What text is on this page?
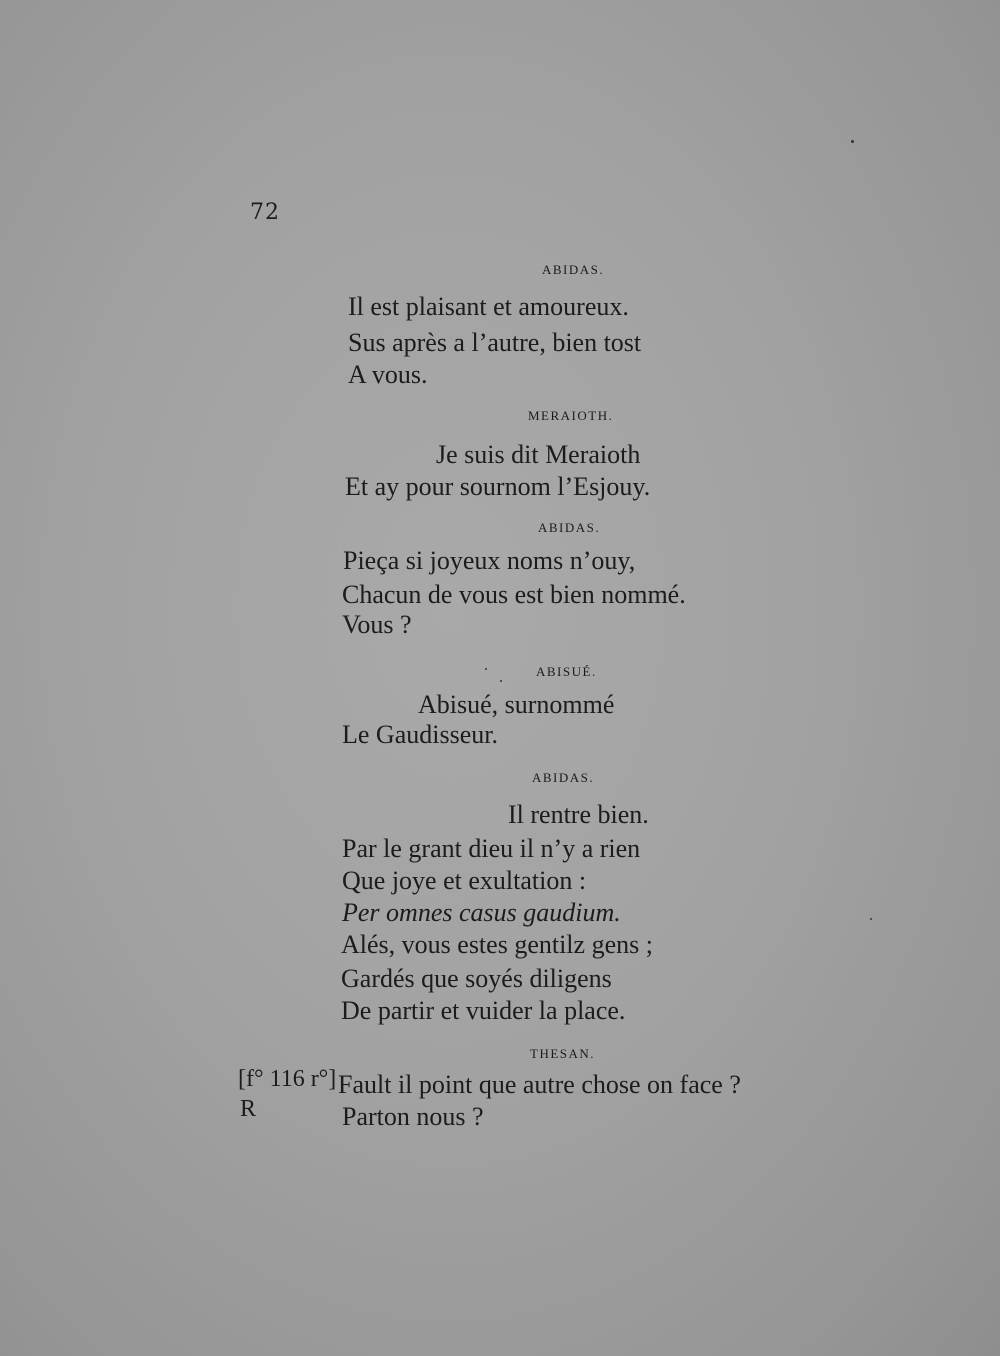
72
ABIDAS.
Il est plaisant et amoureux.
Sus après a l’autre, bien tost
A vous.
MERAIOTH.
Je suis dit Meraioth
Et ay pour sournom l’Esjouy.
ABIDAS.
Pieça si joyeux noms n’ouy,
Chacun de vous est bien nommé.
Vous ?
ABISUÉ.
Abisué, surnommé
Le Gaudisseur.
ABIDAS.
Il rentre bien.
Par le grant dieu il n’y a rien
Que joye et exultation :
Per omnes casus gaudium.
Alés, vous estes gentilz gens ;
Gardés que soyés diligens
De partir et vuider la place.
THESAN.
[f° 116 r°] Fault il point que autre chose on face ?
R	Parton nous ?
